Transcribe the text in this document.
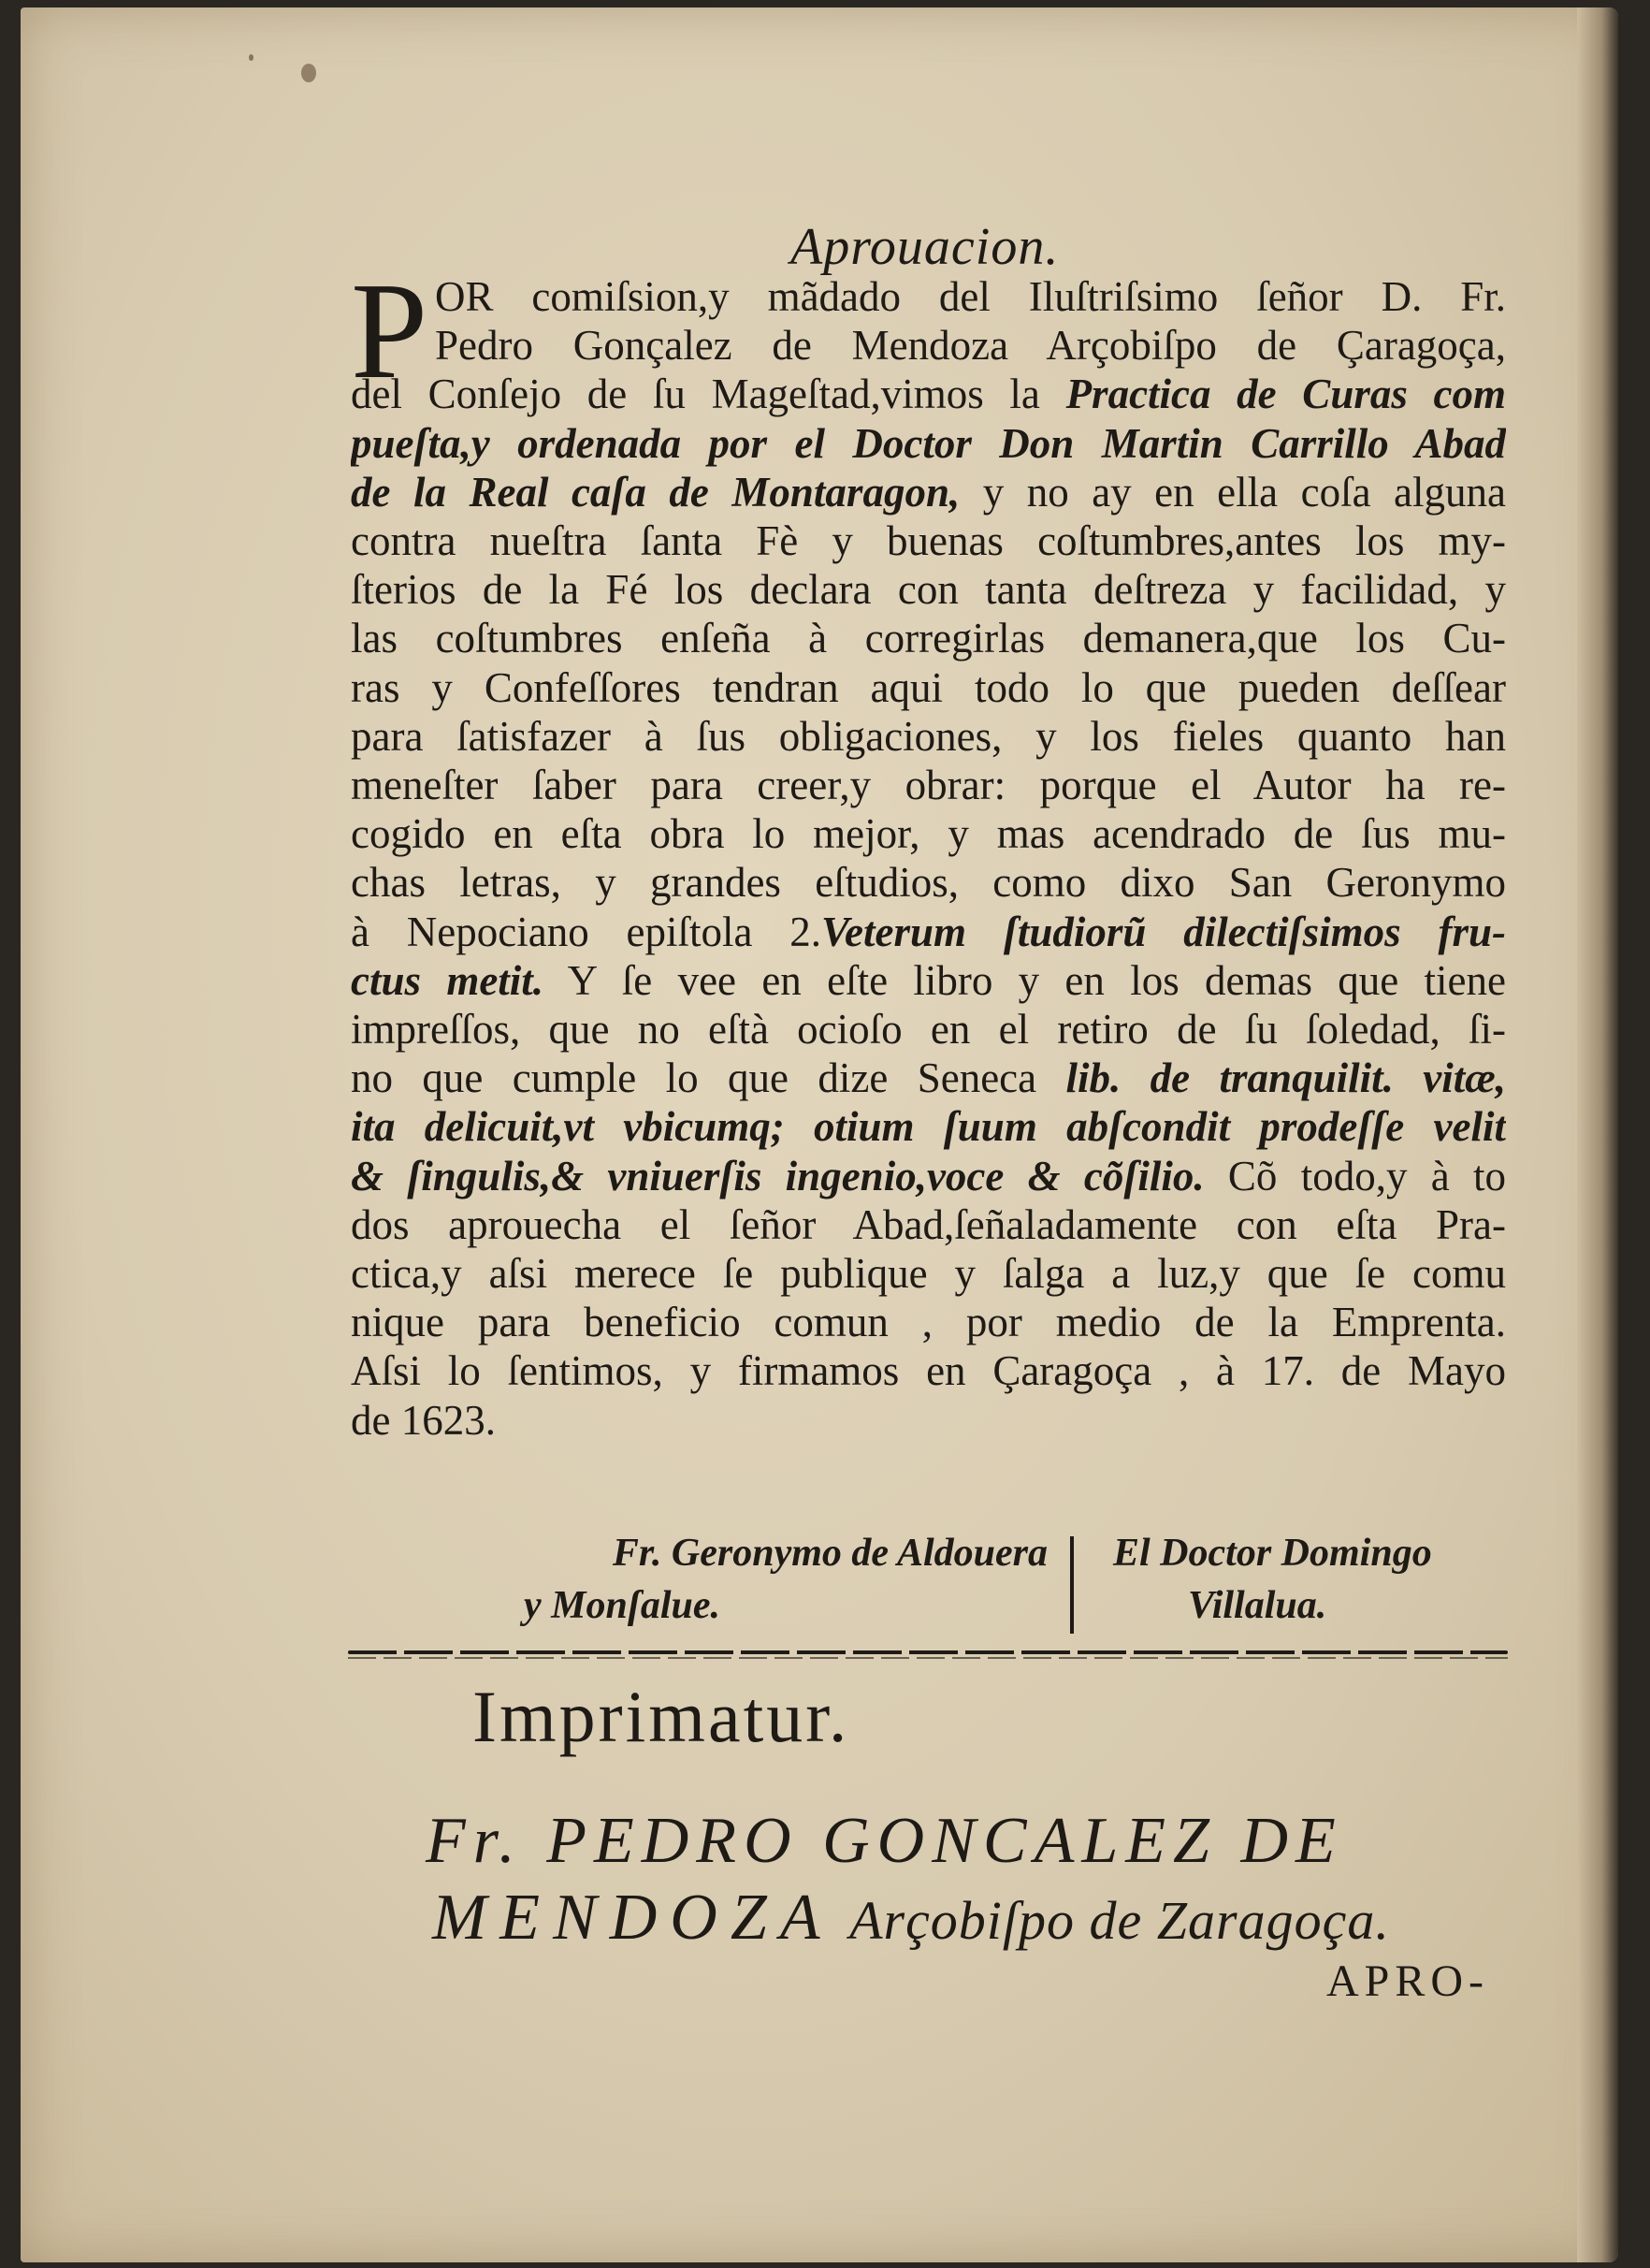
Aprouacion.
P OR comiſsion,y mãdado del Iluſtriſsimo ſeñor D. Fr.
Pedro Gonçalez de Mendoza Arçobiſpo de Çaragoça,
del Conſejo de ſu Mageſtad,vimos la Practica de Curas com
pueſta,y ordenada por el Doctor Don Martin Carrillo Abad
de la Real caſa de Montaragon, y no ay en ella coſa alguna
contra nueſtra ſanta Fè y buenas coſtumbres,antes los my-
ſterios de la Fé los declara con tanta deſtreza y facilidad, y
las coſtumbres enſeña à corregirlas demanera,que los Cu-
ras y Confeſſores tendran aqui todo lo que pueden deſſear
para ſatisfazer à ſus obligaciones, y los fieles quanto han
meneſter ſaber para creer,y obrar: porque el Autor ha re-
cogido en eſta obra lo mejor, y mas acendrado de ſus mu-
chas letras, y grandes eſtudios, como dixo San Geronymo
à Nepociano epiſtola 2.Veterum ſtudiorũ dilectiſsimos fru-
ctus metit. Y ſe vee en eſte libro y en los demas que tiene
impreſſos, que no eſtà ocioſo en el retiro de ſu ſoledad, ſi-
no que cumple lo que dize Seneca lib. de tranquilit. vitæ,
ita delicuit,vt vbicumq; otium ſuum abſcondit prodeſſe velit
& ſingulis,& vniuerſis ingenio,voce & cõſilio. Cõ todo,y à to
dos aprouecha el ſeñor Abad,ſeñaladamente con eſta Pra-
ctica,y aſsi merece ſe publique y ſalga a luz,y que ſe comu
nique para beneficio comun , por medio de la Emprenta.
Aſsi lo ſentimos, y firmamos en Çaragoça , à 17. de Mayo
de 1623.
Fr. Geronymo de Aldouera
y Monſalue.
El Doctor Domingo
Villalua.
Imprimatur.
Fr. PEDRO GONCALEZ DE
MENDOZA Arçobiſpo de Zaragoça.
APRO-
